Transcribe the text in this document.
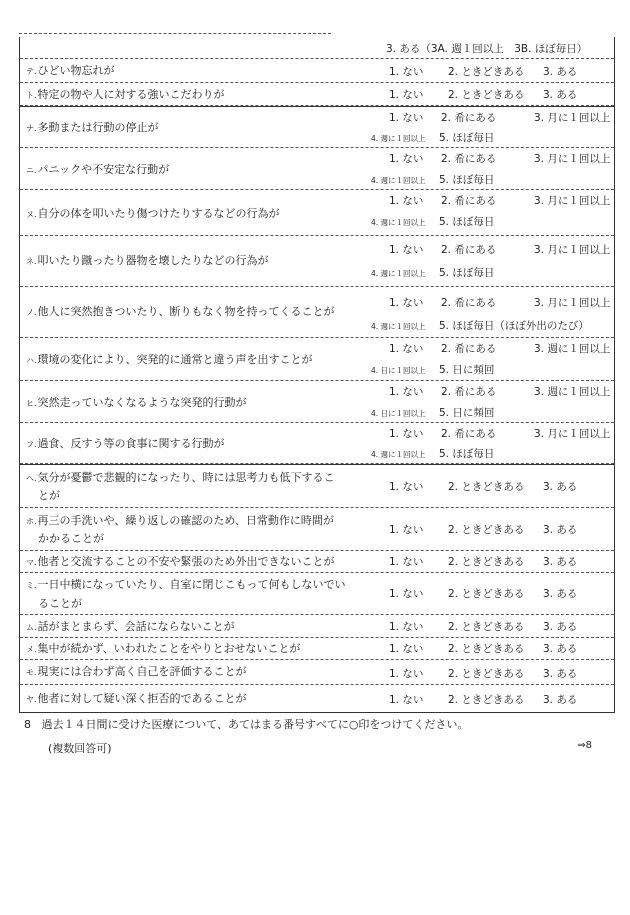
3. ある（3A. 週１回以上　3B. ほぼ毎日）
テ.ひどい物忘れが	1. ない 2. ときどきある 3. ある
ト.特定の物や人に対する強いこだわりが	1. ない 2. ときどきある 3. ある
ナ.多動または行動の停止が
1. ない 2. 希にある	3. 月に１回以上
4. 週に１回以上 5. ほぼ毎日
ニ.パニックや不安定な行動が
1. ない 2. 希にある	3. 月に１回以上
4. 週に１回以上 5. ほぼ毎日
ヌ.自分の体を叩いたり傷つけたりするなどの行為が
1. ない 2. 希にある	3. 月に１回以上
4. 週に１回以上 5. ほぼ毎日
ネ.叩いたり蹴ったり器物を壊したりなどの行為が
1. ない 2. 希にある	3. 月に１回以上
4. 週に１回以上 5. ほぼ毎日
ノ.他人に突然抱きついたり、断りもなく物を持ってくることが
1. ない 2. 希にある	3. 月に１回以上
4. 週に１回以上 5. ほぼ毎日（ほぼ外出のたび）
ハ.環境の変化により、突発的に通常と違う声を出すことが
1. ない 2. 希にある	3. 週に１回以上
4. 日に１回以上 5. 日に頻回
ヒ.突然走っていなくなるような突発的行動が
1. ない 2. 希にある	3. 週に１回以上
4. 日に１回以上 5. 日に頻回
フ.過食、反すう等の食事に関する行動が
1. ない 2. 希にある	3. 月に１回以上
4. 週に１回以上 5. ほぼ毎日
ヘ.気分が憂鬱で悲観的になったり、時には思考力も低下するこ
とが
1. ない 2. ときどきある 3. ある
ホ.再三の手洗いや、繰り返しの確認のため、日常動作に時間が
かかることが
1. ない 2. ときどきある 3. ある
マ.他者と交流することの不安や緊張のため外出できないことが	1. ない 2. ときどきある 3. ある
ミ.一日中横になっていたり、自室に閉じこもって何もしないでい
ることが
1. ない 2. ときどきある 3. ある
ム.話がまとまらず、会話にならないことが	1. ない 2. ときどきある 3. ある
メ.集中が続かず、いわれたことをやりとおせないことが	1. ない 2. ときどきある 3. ある
モ.現実には合わず高く自己を評価することが	1. ない 2. ときどきある 3. ある
ヤ.他者に対して疑い深く拒否的であることが	1. ない 2. ときどきある 3. ある
8 過去１４日間に受けた医療について、あてはまる番号すべてに○印をつけてください。
(複数回答可)	⇒8
